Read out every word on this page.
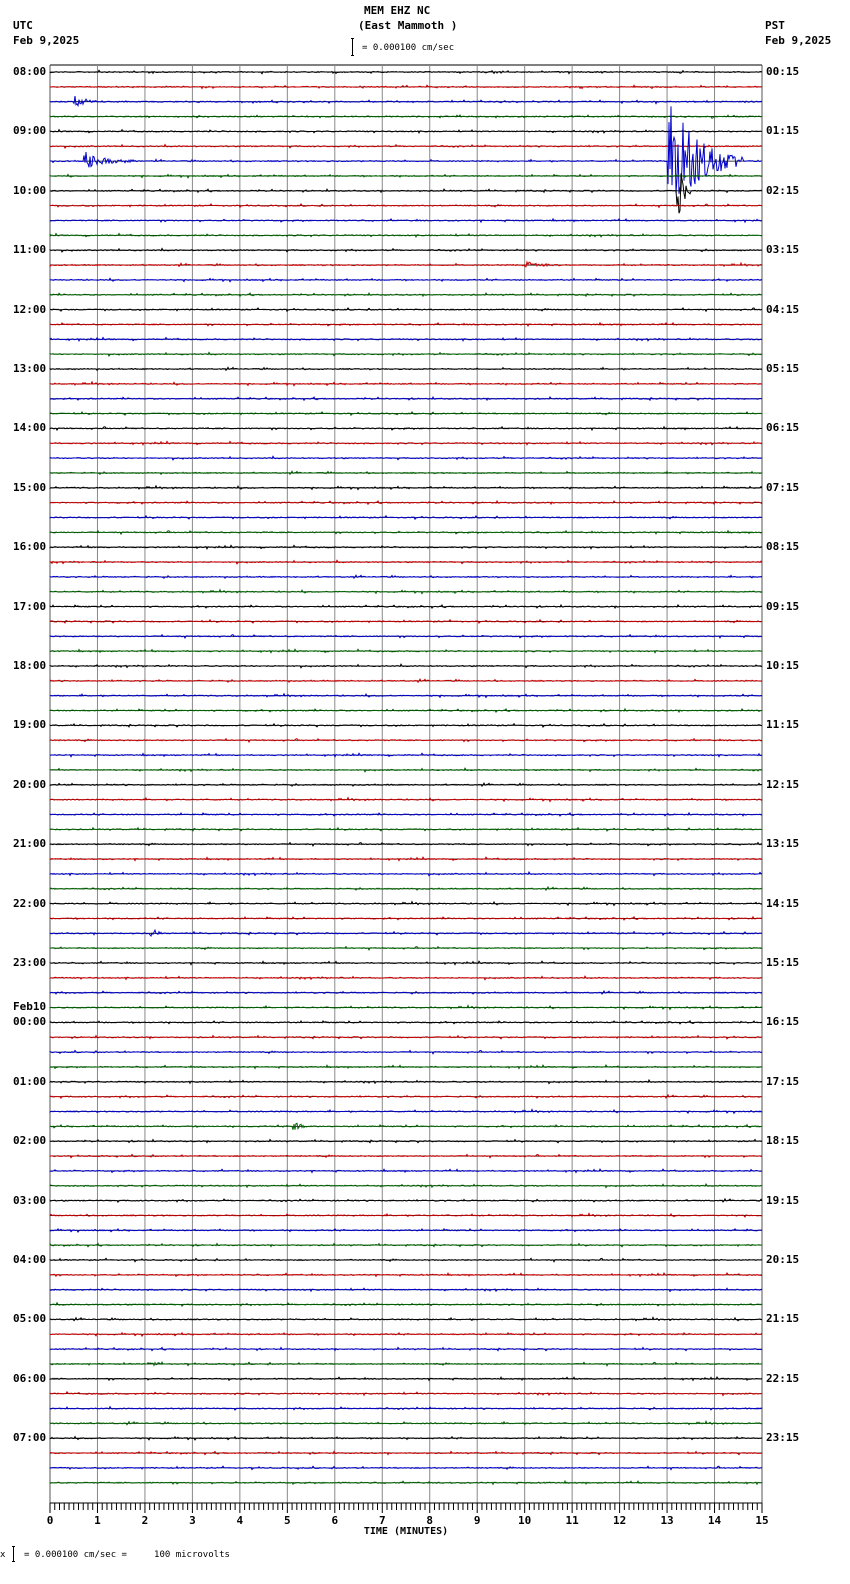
MEM EHZ NC
(East Mammoth )
UTC
Feb 9,2025
PST
Feb 9,2025
= 0.000100 cm/sec
0	1	2	3	4	5	6	7	8	9	10	11	12	13	14	15
TIME (MINUTES)
08:00
09:00
10:00
11:00
12:00
13:00
14:00
15:00
16:00
17:00
18:00
19:00
20:00
21:00
22:00
23:00
Feb10
00:00
01:00
02:00
03:00
04:00
05:00
06:00
07:00
00:15
01:15
02:15
03:15
04:15
05:15
06:15
07:15
08:15
09:15
10:15
11:15
12:15
13:15
14:15
15:15
16:15
17:15
18:15
19:15
20:15
21:15
22:15
23:15
x = 0.000100 cm/sec =     100 microvolts
